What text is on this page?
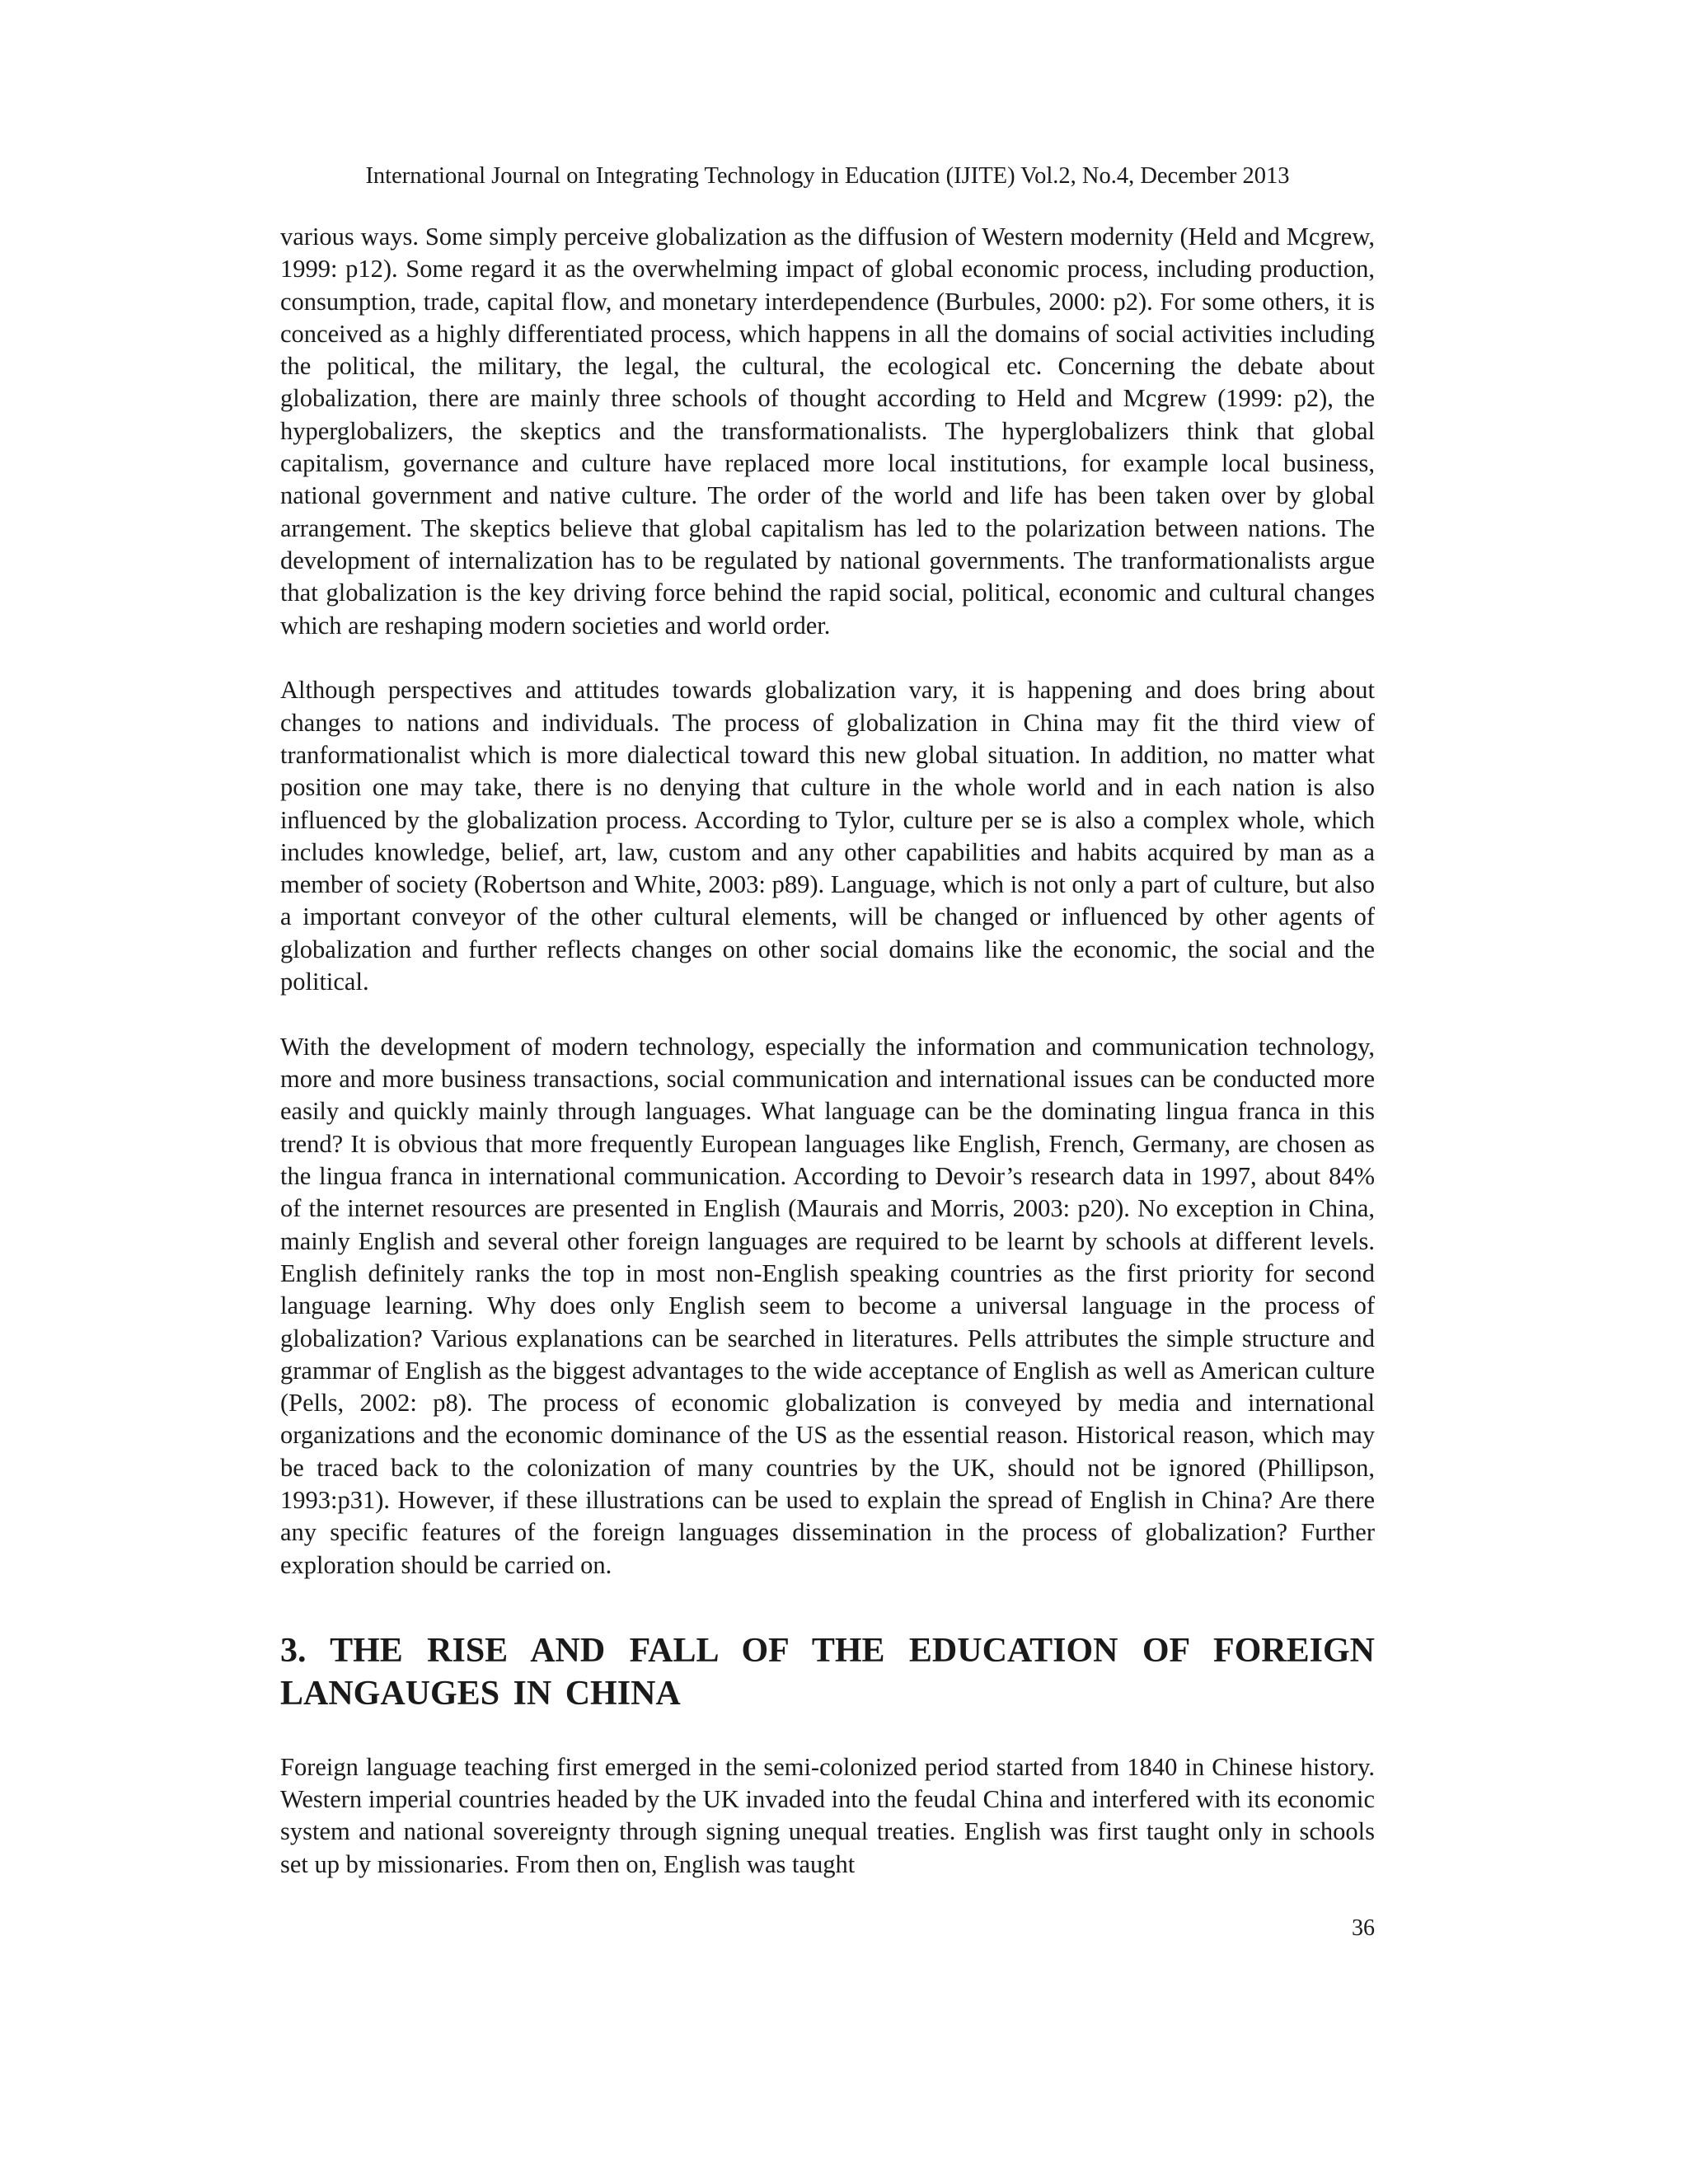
International Journal on Integrating Technology in Education (IJITE) Vol.2, No.4, December 2013

various ways. Some simply perceive globalization as the diffusion of Western modernity (Held and Mcgrew, 1999: p12). Some regard it as the overwhelming impact of global economic process, including production, consumption, trade, capital flow, and monetary interdependence (Burbules, 2000: p2). For some others, it is conceived as a highly differentiated process, which happens in all the domains of social activities including the political, the military, the legal, the cultural, the ecological etc. Concerning the debate about globalization, there are mainly three schools of thought according to Held and Mcgrew (1999: p2), the hyperglobalizers, the skeptics and the transformationalists. The hyperglobalizers think that global capitalism, governance and culture have replaced more local institutions, for example local business, national government and native culture. The order of the world and life has been taken over by global arrangement. The skeptics believe that global capitalism has led to the polarization between nations. The development of internalization has to be regulated by national governments. The tranformationalists argue that globalization is the key driving force behind the rapid social, political, economic and cultural changes which are reshaping modern societies and world order.

Although perspectives and attitudes towards globalization vary, it is happening and does bring about changes to nations and individuals. The process of globalization in China may fit the third view of tranformationalist which is more dialectical toward this new global situation. In addition, no matter what position one may take, there is no denying that culture in the whole world and in each nation is also influenced by the globalization process. According to Tylor, culture per se is also a complex whole, which includes knowledge, belief, art, law, custom and any other capabilities and habits acquired by man as a member of society (Robertson and White, 2003: p89). Language, which is not only a part of culture, but also a important conveyor of the other cultural elements, will be changed or influenced by other agents of globalization and further reflects changes on other social domains like the economic, the social and the political.

With the development of modern technology, especially the information and communication technology, more and more business transactions, social communication and international issues can be conducted more easily and quickly mainly through languages. What language can be the dominating lingua franca in this trend? It is obvious that more frequently European languages like English, French, Germany, are chosen as the lingua franca in international communication. According to Devoir’s research data in 1997, about 84% of the internet resources are presented in English (Maurais and Morris, 2003: p20). No exception in China, mainly English and several other foreign languages are required to be learnt by schools at different levels. English definitely ranks the top in most non-English speaking countries as the first priority for second language learning. Why does only English seem to become a universal language in the process of globalization? Various explanations can be searched in literatures. Pells attributes the simple structure and grammar of English as the biggest advantages to the wide acceptance of English as well as American culture (Pells, 2002: p8). The process of economic globalization is conveyed by media and international organizations and the economic dominance of the US as the essential reason. Historical reason, which may be traced back to the colonization of many countries by the UK, should not be ignored (Phillipson, 1993:p31). However, if these illustrations can be used to explain the spread of English in China? Are there any specific features of the foreign languages dissemination in the process of globalization? Further exploration should be carried on.

3. THE RISE AND FALL OF THE EDUCATION OF FOREIGN LANGAUGES IN CHINA

Foreign language teaching first emerged in the semi-colonized period started from 1840 in Chinese history. Western imperial countries headed by the UK invaded into the feudal China and interfered with its economic system and national sovereignty through signing unequal treaties. English was first taught only in schools set up by missionaries. From then on, English was taught

36
